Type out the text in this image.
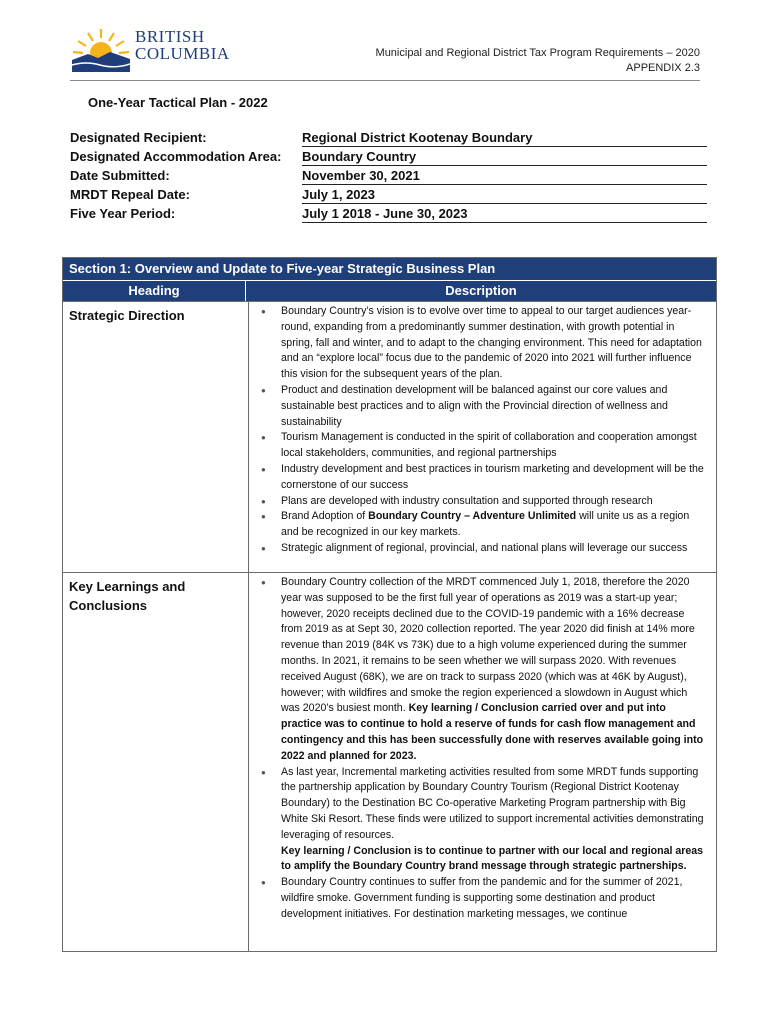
BRITISH
COLUMBIA	Municipal and Regional District Tax Program Requirements – 2020
APPENDIX 2.3
One-Year Tactical Plan - 2022
Designated Recipient:	Regional District Kootenay Boundary
Designated Accommodation Area: Boundary Country
Date Submitted:	November 30, 2021
MRDT Repeal Date:	July 1, 2023
Five Year Period:	July 1 2018 - June 30, 2023
Section 1: Overview and Update to Five-year Strategic Business Plan
Heading	Description
Strategic Direction
●	Boundary Country’s vision is to evolve over time to appeal to our target audiences year-round, expanding from a predominantly summer destination, with growth potential in spring, fall and winter, and to adapt to the changing environment. This need for adaptation and an “explore local” focus due to the pandemic of 2020 into 2021 will further influence this vision for the subsequent years of the plan.
● Product and destination development will be balanced against our core values and sustainable best practices and to align with the Provincial direction of wellness and sustainability
● Tourism Management is conducted in the spirit of collaboration and cooperation amongst local stakeholders, communities, and regional partnerships
● Industry development and best practices in tourism marketing and development will be the cornerstone of our success
● Plans are developed with industry consultation and supported through research
● Brand Adoption of Boundary Country – Adventure Unlimited will unite us as a region and be recognized in our key markets.
● Strategic alignment of regional, provincial, and national plans will leverage our success
Key Learnings and
Conclusions
● Boundary Country collection of the MRDT commenced July 1, 2018, therefore the 2020 year was supposed to be the first full year of operations as 2019 was a start-up year; however, 2020 receipts declined due to the COVID-19 pandemic with a 16% decrease from 2019 as at Sept 30, 2020 collection reported. The year 2020 did finish at 14% more revenue than 2019 (84K vs 73K) due to a high volume experienced during the summer months. In 2021, it remains to be seen whether we will surpass 2020. With revenues received August (68K), we are on track to surpass 2020 (which was at 46K by August), however; with wildfires and smoke the region experienced a slowdown in August which was 2020’s busiest month. Key learning / Conclusion carried over and put into practice was to continue to hold a reserve of funds for cash flow management and contingency and this has been successfully done with reserves available going into 2022 and planned for 2023.
● As last year, Incremental marketing activities resulted from some MRDT funds supporting the partnership application by Boundary Country Tourism (Regional District Kootenay Boundary) to the Destination BC Co-operative Marketing Program partnership with Big White Ski Resort. These finds were utilized to support incremental activities demonstrating leveraging of resources.
Key learning / Conclusion is to continue to partner with our local and regional areas to amplify the Boundary Country brand message through strategic partnerships.
● Boundary Country continues to suffer from the pandemic and for the summer of 2021, wildfire smoke. Government funding is supporting some destination and product development initiatives. For destination marketing messages, we continue
